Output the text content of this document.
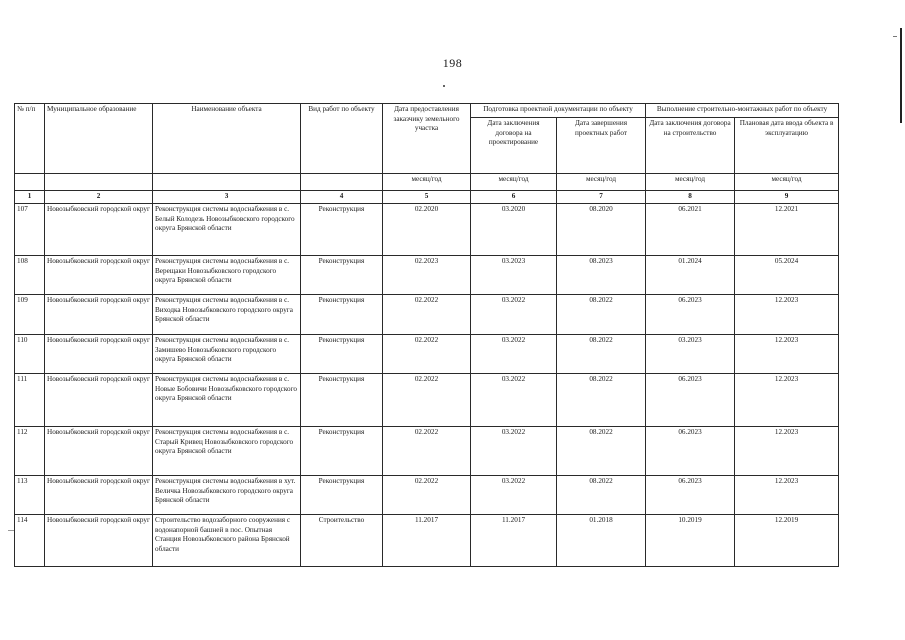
198
№ п/п	Муниципальное образование	Наименование объекта	Вид работ по объекту	Дата предоставления заказчику земельного участка	Подготовка проектной документации по объекту		Выполнение строительно-монтажных работ по объекту	
					Дата заключения договора на проектирование	Дата завершения проектных работ	Дата заключения договора на строительство	Плановая дата ввода объекта в эксплуатацию
				месяц/год	месяц/год	месяц/год	месяц/год	месяц/год
1	2	3	4	5	6	7	8	9
107	Новозыбковский городской округ	Реконструкция системы водоснабжения в с. Белый Колодезь Новозыбковского городского округа Брянской области	Реконструкция	02.2020	03.2020	08.2020	06.2021	12.2021
108	Новозыбковский городской округ	Реконструкция системы водоснабжения в с. Верещаки Новозыбковского городского округа Брянской области	Реконструкция	02.2023	03.2023	08.2023	01.2024	05.2024
109	Новозыбковский городской округ	Реконструкция системы водоснабжения в с. Виходка Новозыбковского городского округа Брянской области	Реконструкция	02.2022	03.2022	08.2022	06.2023	12.2023
110	Новозыбковский городской округ	Реконструкция системы водоснабжения в с. Замишево Новозыбковского городского округа Брянской области	Реконструкция	02.2022	03.2022	08.2022	03.2023	12.2023
111	Новозыбковский городской округ	Реконструкция системы водоснабжения в с. Новые Бобовичи Новозыбковского городского округа Брянской области	Реконструкция	02.2022	03.2022	08.2022	06.2023	12.2023
112	Новозыбковский городской округ	Реконструкция системы водоснабжения в с. Старый Кривец Новозыбковского городского округа Брянской области	Реконструкция	02.2022	03.2022	08.2022	06.2023	12.2023
113	Новозыбковский городской округ	Реконструкция системы водоснабжения в хут. Величка Новозыбковского городского округа Брянской области	Реконструкция	02.2022	03.2022	08.2022	06.2023	12.2023
114	Новозыбковский городской округ	Строительство водозаборного сооружения с водонапорной башней в пос. Опытная Станция Новозыбковского района Брянской области	Строительство	11.2017	11.2017	01.2018	10.2019	12.2019
